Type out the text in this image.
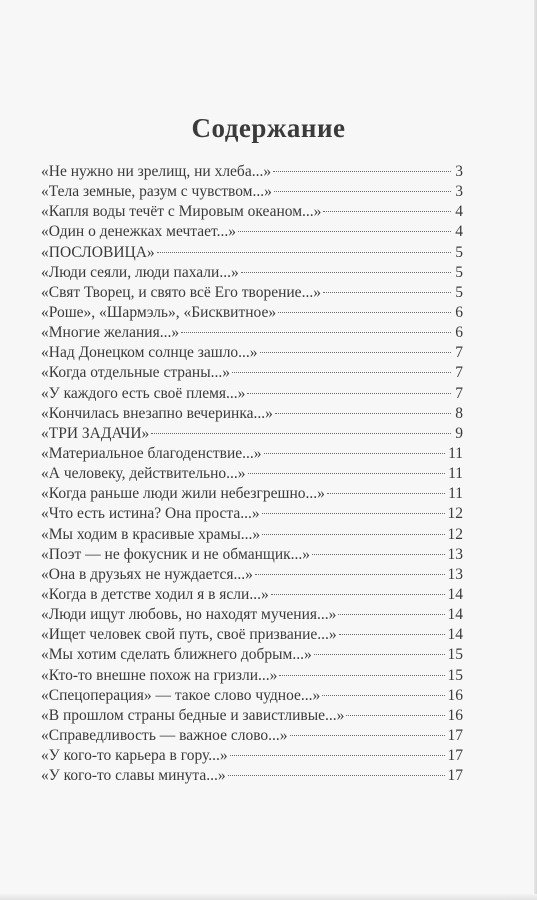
Содержание
«Не нужно ни зрелищ, ни хлеба...»	3
«Тела земные, разум с чувством...»	3
«Капля воды течёт с Мировым океаном...»	4
«Один о денежках мечтает...»	4
«ПОСЛОВИЦА»	5
«Люди сеяли, люди пахали...»	5
«Свят Творец, и свято всё Его творение...»	5
«Роше», «Шармэль», «Бисквитное»	6
«Многие желания...»	6
«Над Донецком солнце зашло...»	7
«Когда отдельные страны...»	7
«У каждого есть своё племя...»	7
«Кончилась внезапно вечеринка...»	8
«ТРИ ЗАДАЧИ»	9
«Материальное благоденствие...»	11
«А человеку, действительно...»	11
«Когда раньше люди жили небезгрешно...»	11
«Что есть истина? Она проста...»	12
«Мы ходим в красивые храмы...»	12
«Поэт — не фокусник и не обманщик...»	13
«Она в друзьях не нуждается...»	13
«Когда в детстве ходил я в ясли...»	14
«Люди ищут любовь, но находят мучения...»	14
«Ищет человек свой путь, своё призвание...»	14
«Мы хотим сделать ближнего добрым...»	15
«Кто-то внешне похож на гризли...»	15
«Спецоперация» — такое слово чудное...»	16
«В прошлом страны бедные и завистливые...»	16
«Справедливость — важное слово...»	17
«У кого-то карьера в гору...»	17
«У кого-то славы минута...»	17
